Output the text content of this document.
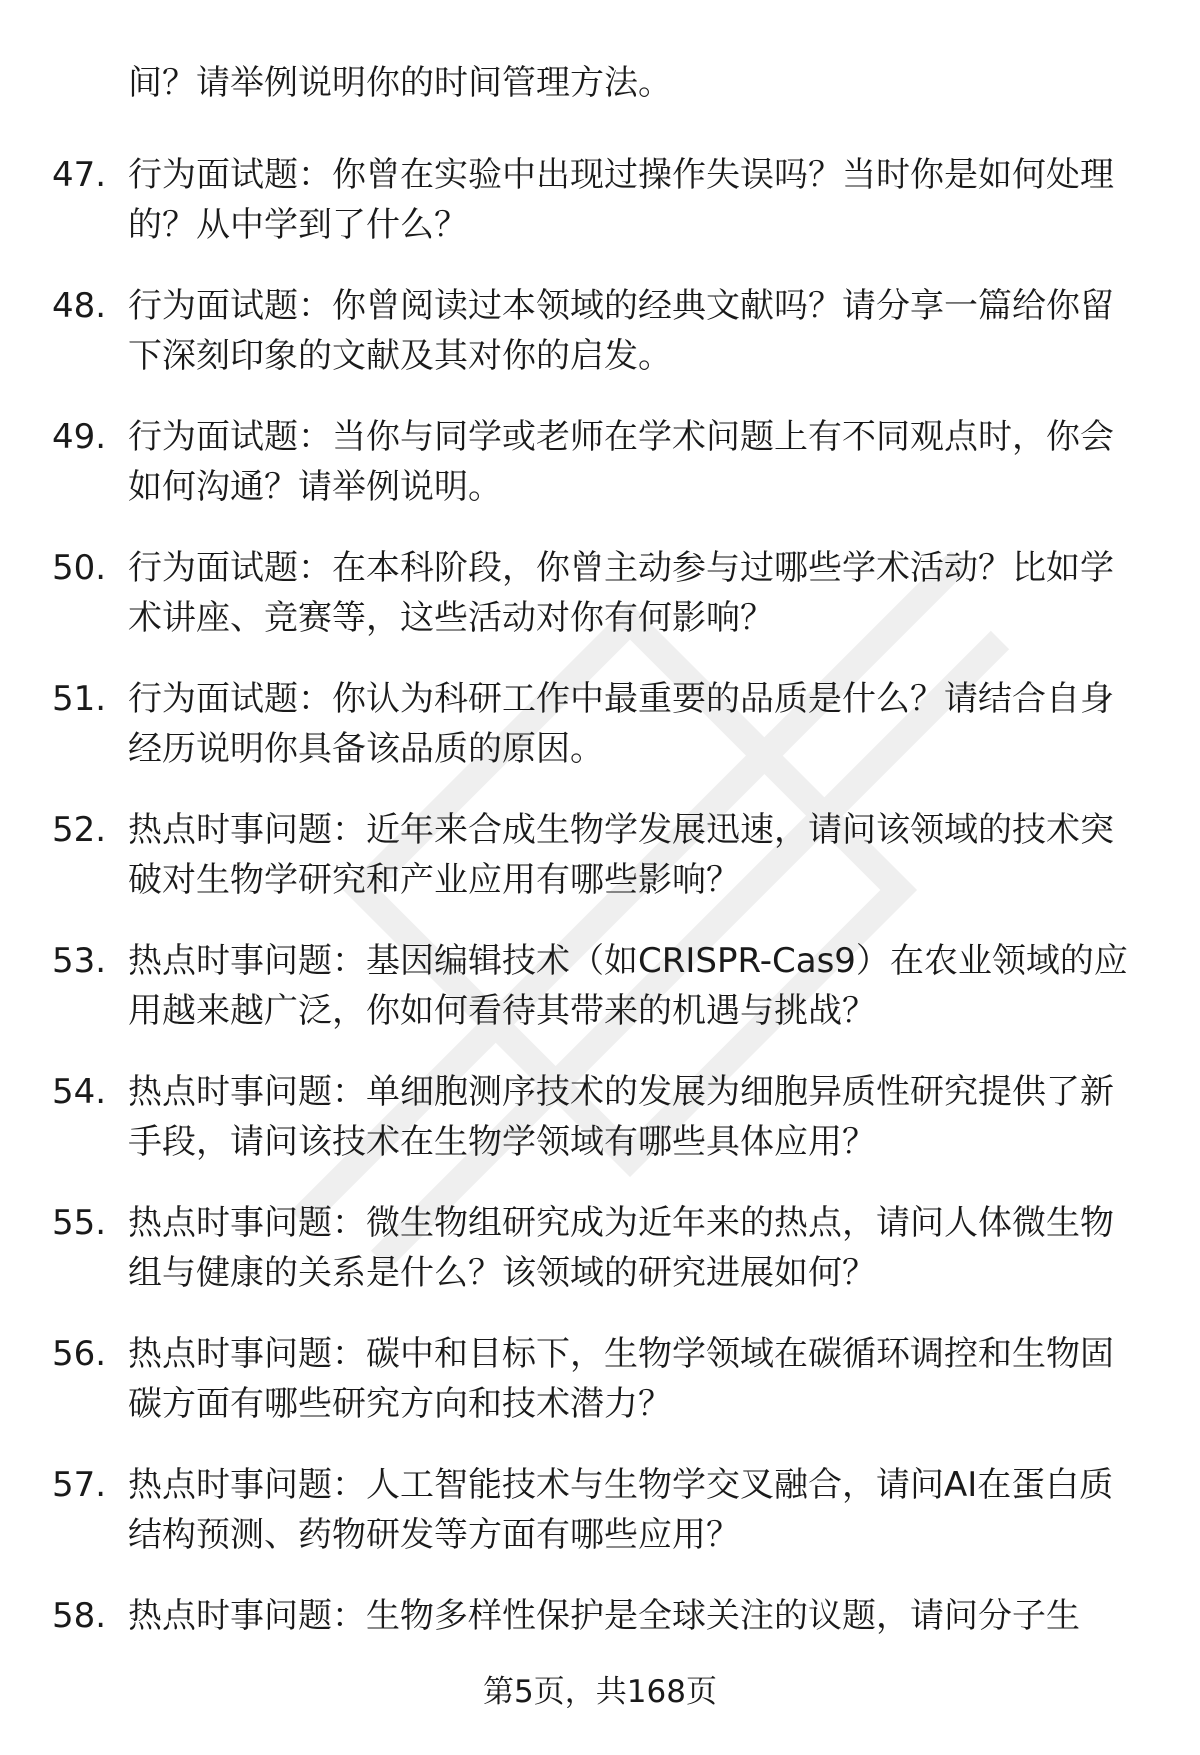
间？请举例说明你的时间管理方法。

47. 行为面试题：你曾在实验中出现过操作失误吗？当时你是如何处理的？从中学到了什么？
48. 行为面试题：你曾阅读过本领域的经典文献吗？请分享一篇给你留下深刻印象的文献及其对你的启发。
49. 行为面试题：当你与同学或老师在学术问题上有不同观点时，你会如何沟通？请举例说明。
50. 行为面试题：在本科阶段，你曾主动参与过哪些学术活动？比如学术讲座、竞赛等，这些活动对你有何影响？
51. 行为面试题：你认为科研工作中最重要的品质是什么？请结合自身经历说明你具备该品质的原因。
52. 热点时事问题：近年来合成生物学发展迅速，请问该领域的技术突破对生物学研究和产业应用有哪些影响？
53. 热点时事问题：基因编辑技术（如CRISPR-Cas9）在农业领域的应用越来越广泛，你如何看待其带来的机遇与挑战？
54. 热点时事问题：单细胞测序技术的发展为细胞异质性研究提供了新手段，请问该技术在生物学领域有哪些具体应用？
55. 热点时事问题：微生物组研究成为近年来的热点，请问人体微生物组与健康的关系是什么？该领域的研究进展如何？
56. 热点时事问题：碳中和目标下，生物学领域在碳循环调控和生物固碳方面有哪些研究方向和技术潜力？
57. 热点时事问题：人工智能技术与生物学交叉融合，请问AI在蛋白质结构预测、药物研发等方面有哪些应用？
58. 热点时事问题：生物多样性保护是全球关注的议题，请问分子生
第5页，共168页
